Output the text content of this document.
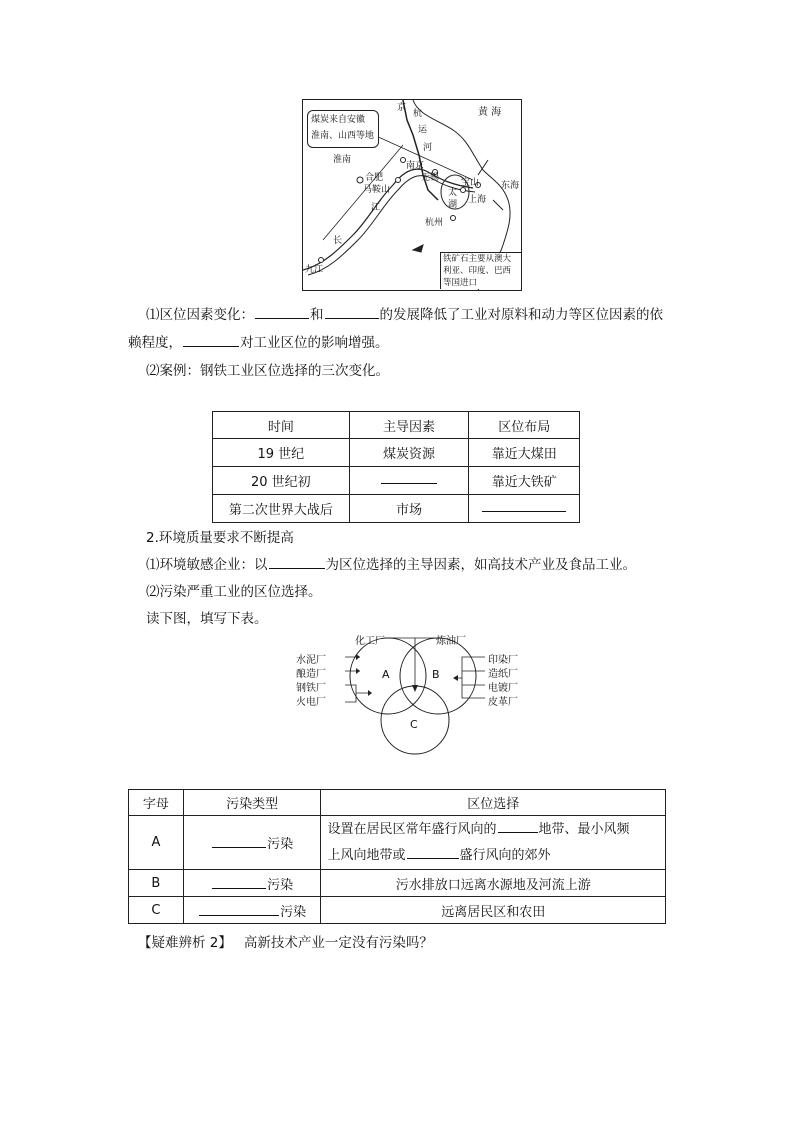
煤炭来自安徽
淮南、山西等地
黄 海
东海
京
杭
运
河
淮南
合肥
南京
无锡
马鞍山
宝山
上海
太
湖
江
长
杭州
九江
铁矿石主要从澳大
利亚、印度、巴西
等国进口
⑴区位因素变化：	和	的发展降低了工业对原料和动力等区位因素的依
赖程度，	对工业区位的影响增强。
⑵案例：钢铁工业区位选择的三次变化。
时间	主导因素	区位布局
19 世纪	煤炭资源	靠近大煤田
20 世纪初		靠近大铁矿
第二次世界大战后	市场	
2.环境质量要求不断提高
⑴环境敏感企业：以	为区位选择的主导因素，如高技术产业及食品工业。
⑵污染严重工业的区位选择。
读下图，填写下表。
化工厂	炼油厂
水泥厂
酿造厂
钢铁厂
火电厂
印染厂
造纸厂
电镀厂
皮革厂
A	B
C
字母	污染类型	区位选择
A	污染	设置在居民区常年盛行风向的 地带、最小风频
上风向地带或 盛行风向的郊外

B	污染	污水排放口远离水源地及河流上游
C	污染	远离居民区和农田
【疑难辨析 2】 高新技术产业一定没有污染吗？
